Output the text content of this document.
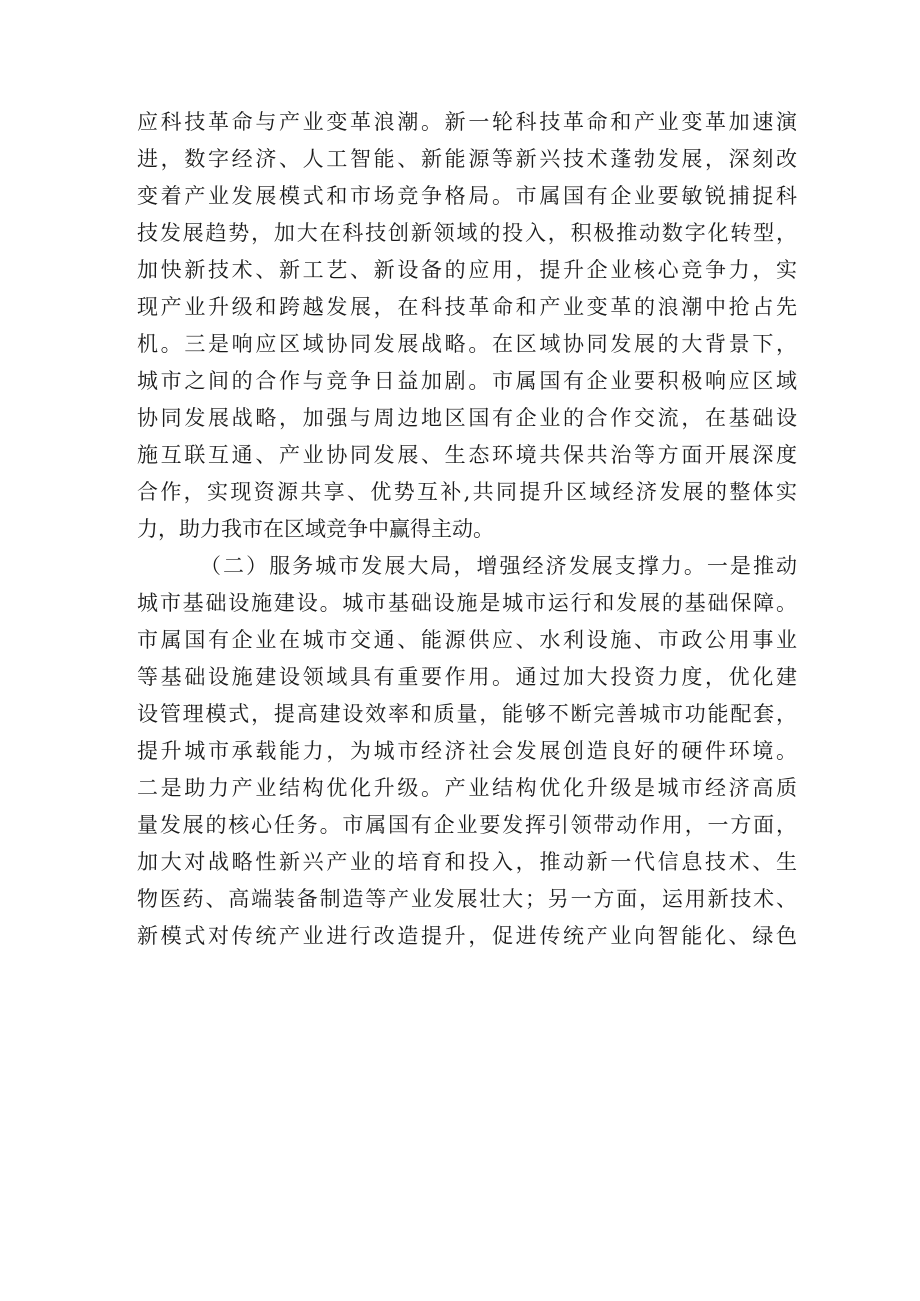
应科技革命与产业变革浪潮。新一轮科技革命和产业变革加速演
进，数字经济、人工智能、新能源等新兴技术蓬勃发展，深刻改
变着产业发展模式和市场竞争格局。市属国有企业要敏锐捕捉科
技发展趋势，加大在科技创新领域的投入，积极推动数字化转型，
加快新技术、新工艺、新设备的应用，提升企业核心竞争力，实
现产业升级和跨越发展，在科技革命和产业变革的浪潮中抢占先
机。三是响应区域协同发展战略。在区域协同发展的大背景下，
城市之间的合作与竞争日益加剧。市属国有企业要积极响应区域
协同发展战略，加强与周边地区国有企业的合作交流，在基础设
施互联互通、产业协同发展、生态环境共保共治等方面开展深度
合作，实现资源共享、优势互补,共同提升区域经济发展的整体实
力，助力我市在区域竞争中赢得主动。
（二）服务城市发展大局，增强经济发展支撑力。一是推动
城市基础设施建设。城市基础设施是城市运行和发展的基础保障。
市属国有企业在城市交通、能源供应、水利设施、市政公用事业
等基础设施建设领域具有重要作用。通过加大投资力度，优化建
设管理模式，提高建设效率和质量，能够不断完善城市功能配套，
提升城市承载能力，为城市经济社会发展创造良好的硬件环境。
二是助力产业结构优化升级。产业结构优化升级是城市经济高质
量发展的核心任务。市属国有企业要发挥引领带动作用，一方面，
加大对战略性新兴产业的培育和投入，推动新一代信息技术、生
物医药、高端装备制造等产业发展壮大；另一方面，运用新技术、
新模式对传统产业进行改造提升，促进传统产业向智能化、绿色
